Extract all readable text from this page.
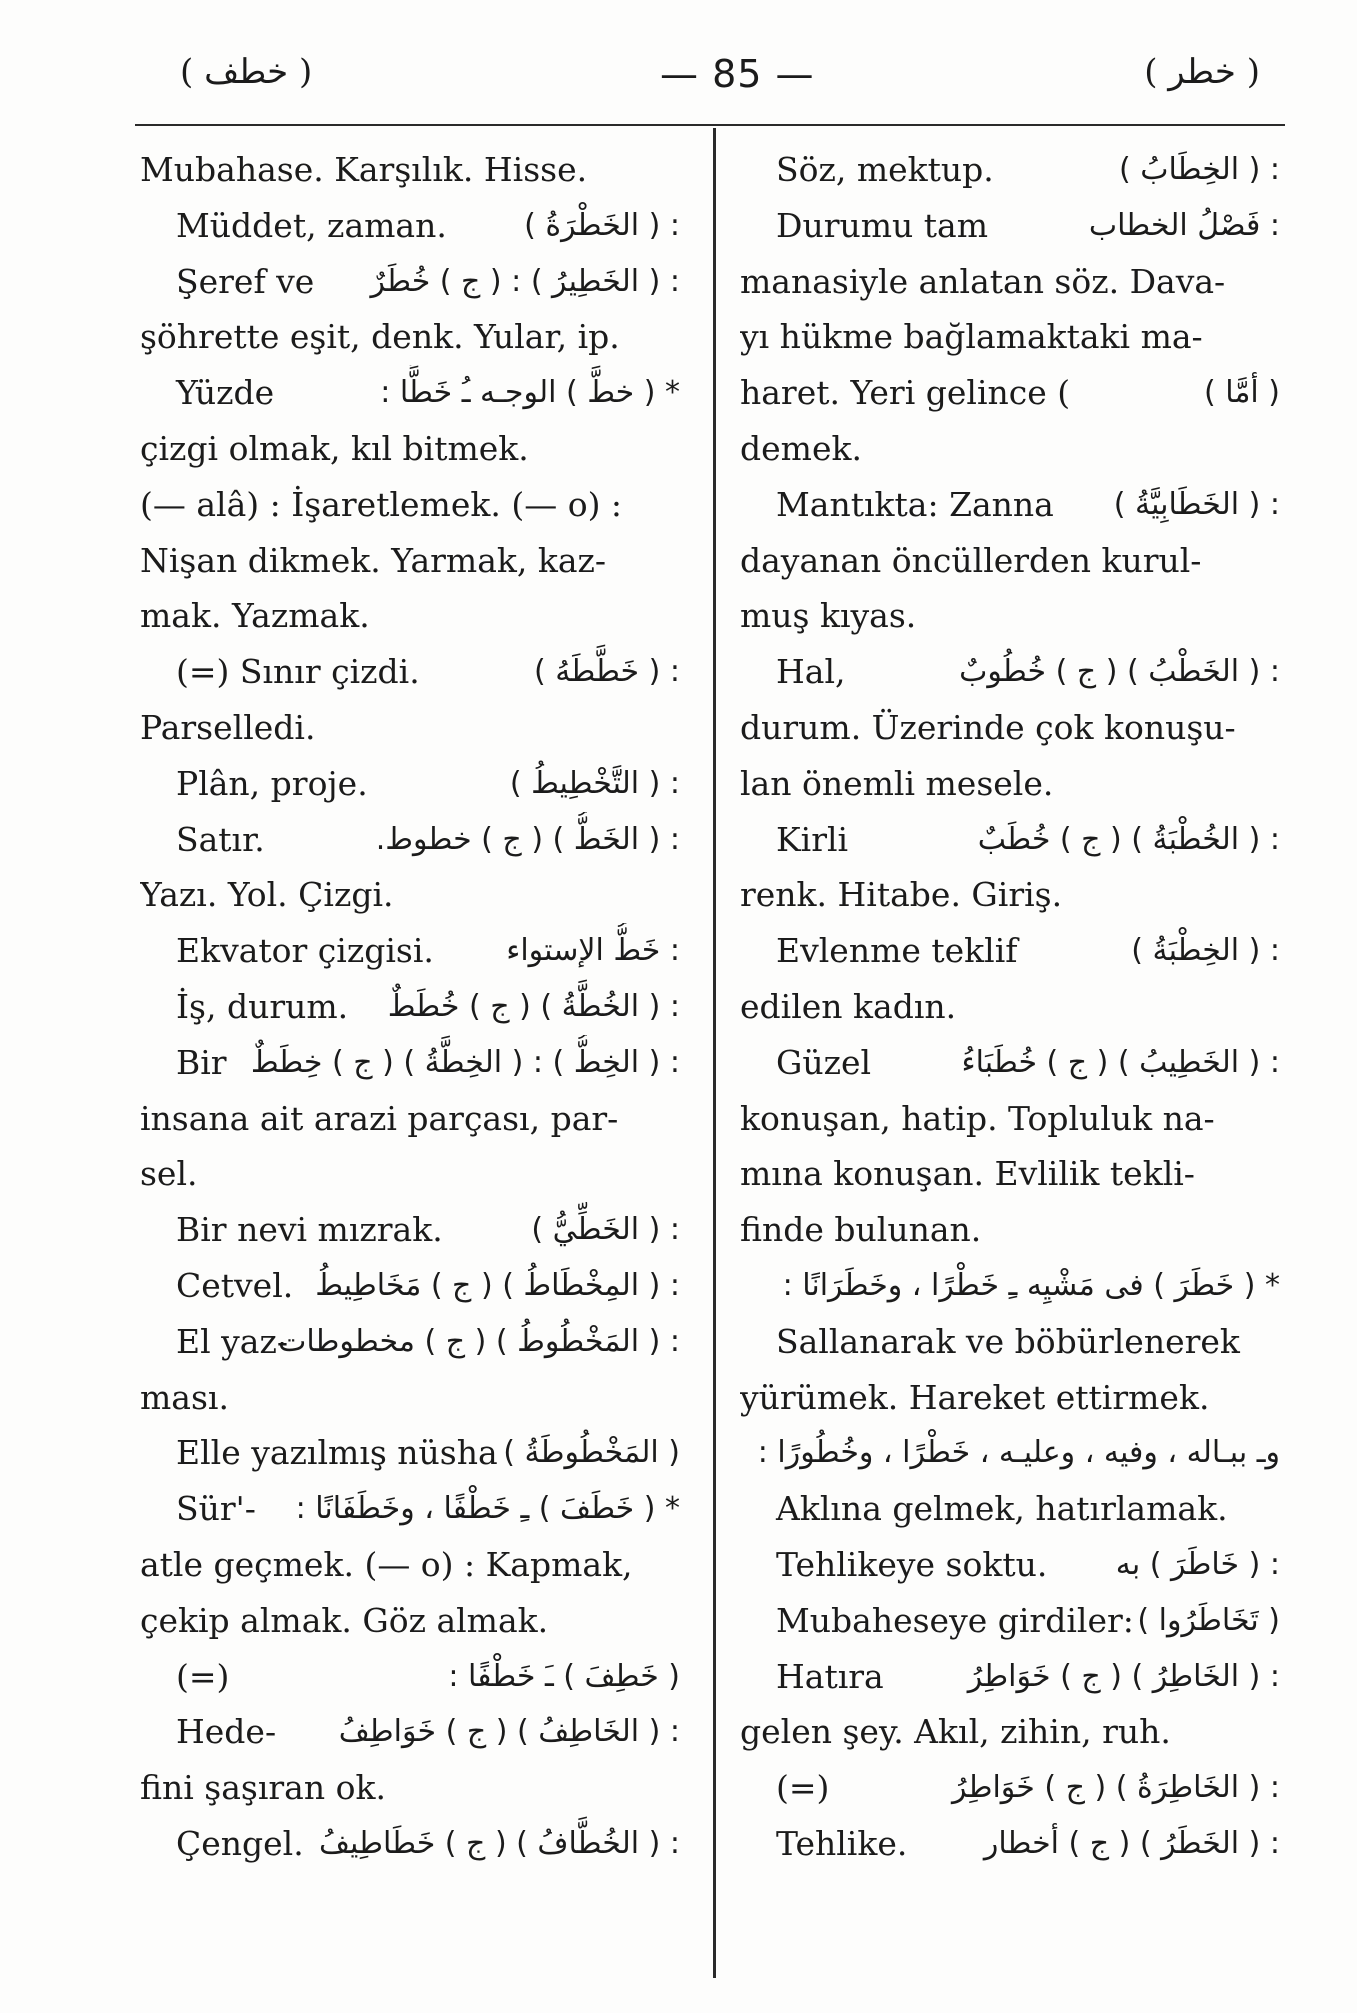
( خطف )	— 85 —	( خطر )
Mubahase. Karşılık. Hisse.
Müddet, zaman.	: ( الخَطْرَةُ )
Şeref ve : ( الخَطِيرُ ) : ( ج ) خُطَرٌ
şöhrette eşit, denk. Yular, ip.
Yüzde	* ( خطَّ ) الوجـه ـُ خَطًّا :
çizgi olmak, kıl bitmek.
(— alâ) : İşaretlemek. (— o) :
Nişan dikmek. Yarmak, kaz-
mak. Yazmak.
(=) Sınır çizdi.	: ( خَطَّطَهُ )
Parselledi.
Plân, proje.	: ( التَّخْطِيطُ )
Satır.	: ( الخَطُّ ) ( ج ) خطوط.
Yazı. Yol. Çizgi.
Ekvator çizgisi. : خَطُّ الإستواء
İş, durum. : ( الخُطَّةُ ) ( ج ) خُطَطٌ
Bir : ( الخِطُّ ) : ( الخِطَّةُ ) ( ج ) خِطَطٌ
insana ait arazi parçası, par-
sel.
Bir nevi mızrak.	: ( الخَطِّيُّ )
Cetvel. : ( المِخْطَاطُ ) ( ج ) مَخَاطِيطُ
El yaz-
: ( المَخْطُوطُ ) ( ج ) مخطوطات
ması.
Elle yazılmış nüsha ( المَخْطُوطَةُ )
Sür'- * ( خَطَفَ ) ـِ خَطْفًا ، وخَطَفَانًا :
atle geçmek. (— o) : Kapmak,
çekip almak. Göz almak.
(=)	( خَطِفَ ) ـَ خَطْفًا :
Hede- : ( الخَاطِفُ ) ( ج ) خَوَاطِفُ
fini şaşıran ok.
Çengel. : ( الخُطَّافُ ) ( ج ) خَطَاطِيفُ
Söz, mektup.	: ( الخِطَابُ )
Durumu tam	: فَصْلُ الخطاب
manasiyle anlatan söz. Dava-
yı hükme bağlamaktaki ma-
haret. Yeri gelince (	( أمَّا )
demek.
Mantıkta: Zanna : ( الخَطَابِيَّةُ )
dayanan öncüllerden kurul-
muş kıyas.
Hal,	: ( الخَطْبُ ) ( ج ) خُطُوبٌ
durum. Üzerinde çok konuşu-
lan önemli mesele.
Kirli	: ( الخُطْبَةُ ) ( ج ) خُطَبٌ
renk. Hitabe. Giriş.
Evlenme teklif	: ( الخِطْبَةُ )
edilen kadın.
Güzel	: ( الخَطِيبُ ) ( ج ) خُطَبَاءُ
konuşan, hatip. Topluluk na-
mına konuşan. Evlilik tekli-
finde bulunan.
* ( خَطَرَ ) فى مَشْيِه ـِ خَطْرًا ، وخَطَرَانًا :
Sallanarak ve böbürlenerek
yürümek. Hareket ettirmek.
وـ ببـاله ، وفيه ، وعليـه ، خَطْرًا ، وخُطُورًا :
Aklına gelmek, hatırlamak.
Tehlikeye soktu. : ( خَاطَرَ ) به
Mubaheseye girdiler: ( تَخَاطَرُوا )
Hatıra	: ( الخَاطِرُ ) ( ج ) خَوَاطِرُ
gelen şey. Akıl, zihin, ruh.
(=)	: ( الخَاطِرَةُ ) ( ج ) خَوَاطِرُ
Tehlike.	: ( الخَطَرُ ) ( ج ) أخطار
